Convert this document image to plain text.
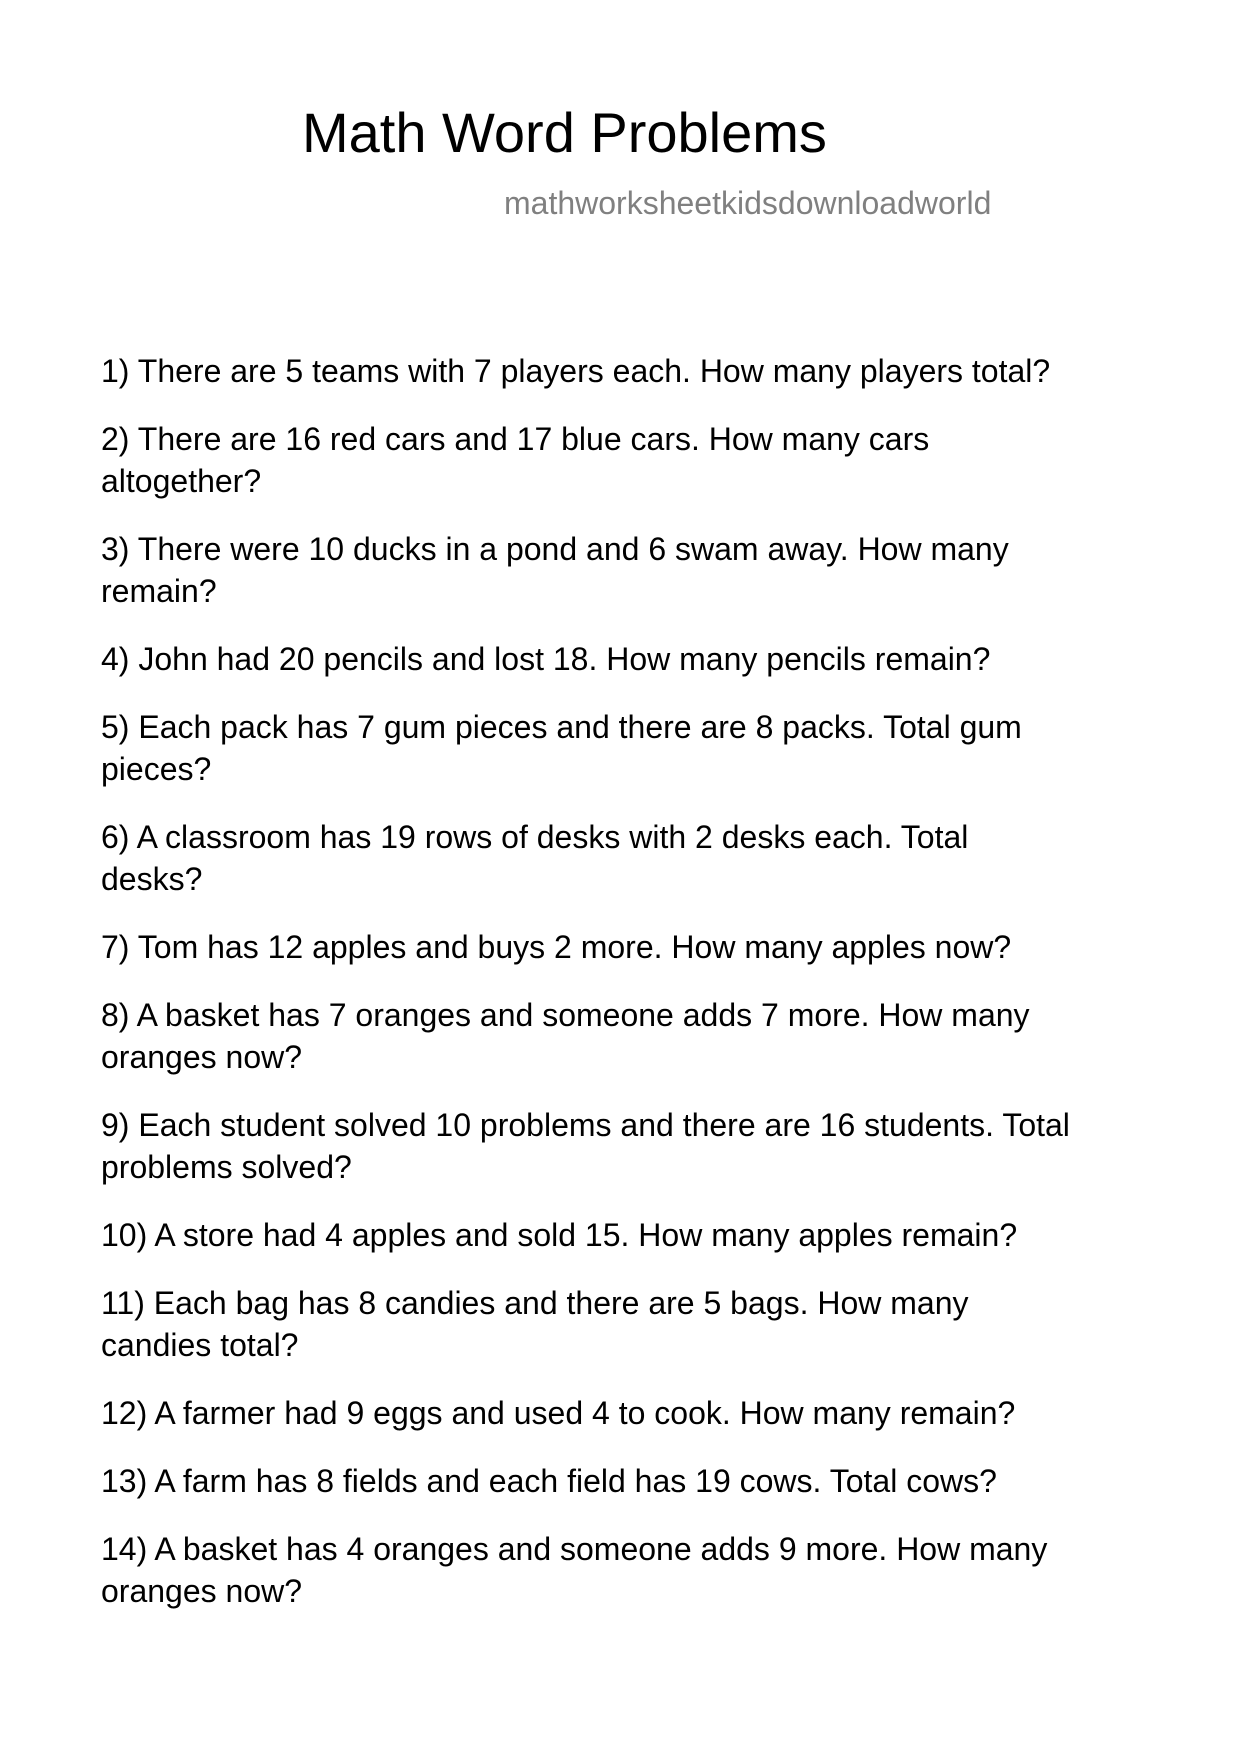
Math Word Problems
mathworksheetkidsdownloadworld
1) There are 5 teams with 7 players each. How many players total?
2) There are 16 red cars and 17 blue cars. How many cars altogether?
3) There were 10 ducks in a pond and 6 swam away. How many remain?
4) John had 20 pencils and lost 18. How many pencils remain?
5) Each pack has 7 gum pieces and there are 8 packs. Total gum pieces?
6) A classroom has 19 rows of desks with 2 desks each. Total desks?
7) Tom has 12 apples and buys 2 more. How many apples now?
8) A basket has 7 oranges and someone adds 7 more. How many oranges now?
9) Each student solved 10 problems and there are 16 students. Total problems solved?
10) A store had 4 apples and sold 15. How many apples remain?
11) Each bag has 8 candies and there are 5 bags. How many candies total?
12) A farmer had 9 eggs and used 4 to cook. How many remain?
13) A farm has 8 fields and each field has 19 cows. Total cows?
14) A basket has 4 oranges and someone adds 9 more. How many oranges now?
